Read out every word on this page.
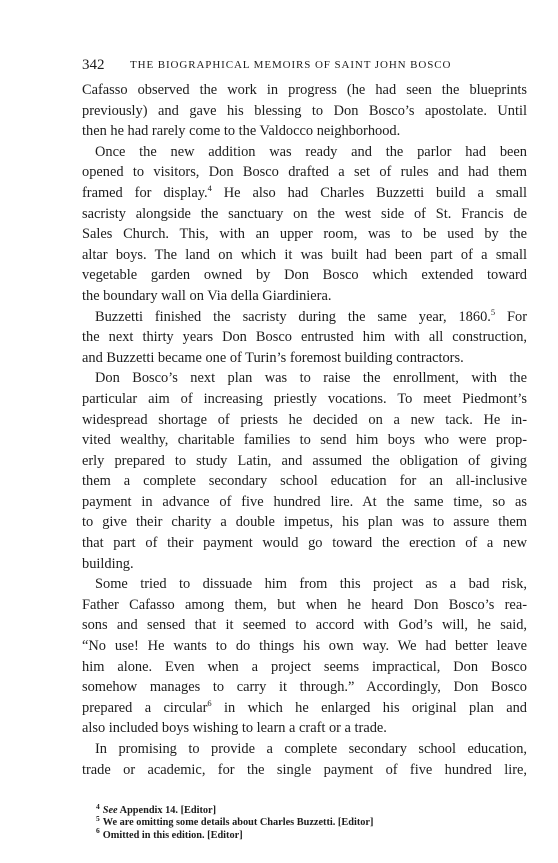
342 THE BIOGRAPHICAL MEMOIRS OF SAINT JOHN BOSCO
Cafasso observed the work in progress (he had seen the blueprints
previously) and gave his blessing to Don Bosco’s apostolate. Until
then he had rarely come to the Valdocco neighborhood.
Once the new addition was ready and the parlor had been
opened to visitors, Don Bosco drafted a set of rules and had them
framed for display.$^4$ He also had Charles Buzzetti build a small
sacristy alongside the sanctuary on the west side of St. Francis de
Sales Church. This, with an upper room, was to be used by the
altar boys. The land on which it was built had been part of a small
vegetable garden owned by Don Bosco which extended toward
the boundary wall on Via della Giardiniera.
Buzzetti finished the sacristy during the same year, 1860.$^5$ For
the next thirty years Don Bosco entrusted him with all construction,
and Buzzetti became one of Turin’s foremost building contractors.
Don Bosco’s next plan was to raise the enrollment, with the
particular aim of increasing priestly vocations. To meet Piedmont’s
widespread shortage of priests he decided on a new tack. He in-
vited wealthy, charitable families to send him boys who were prop-
erly prepared to study Latin, and assumed the obligation of giving
them a complete secondary school education for an all-inclusive
payment in advance of five hundred lire. At the same time, so as
to give their charity a double impetus, his plan was to assure them
that part of their payment would go toward the erection of a new
building.
Some tried to dissuade him from this project as a bad risk,
Father Cafasso among them, but when he heard Don Bosco’s rea-
sons and sensed that it seemed to accord with God’s will, he said,
“No use! He wants to do things his own way. We had better leave
him alone. Even when a project seems impractical, Don Bosco
somehow manages to carry it through.” Accordingly, Don Bosco
prepared a circular$^6$ in which he enlarged his original plan and
also included boys wishing to learn a craft or a trade.
In promising to provide a complete secondary school education,
trade or academic, for the single payment of five hundred lire,
$^4$ See Appendix 14. [Editor]
$^5$ We are omitting some details about Charles Buzzetti. [Editor]
$^6$ Omitted in this edition. [Editor]
